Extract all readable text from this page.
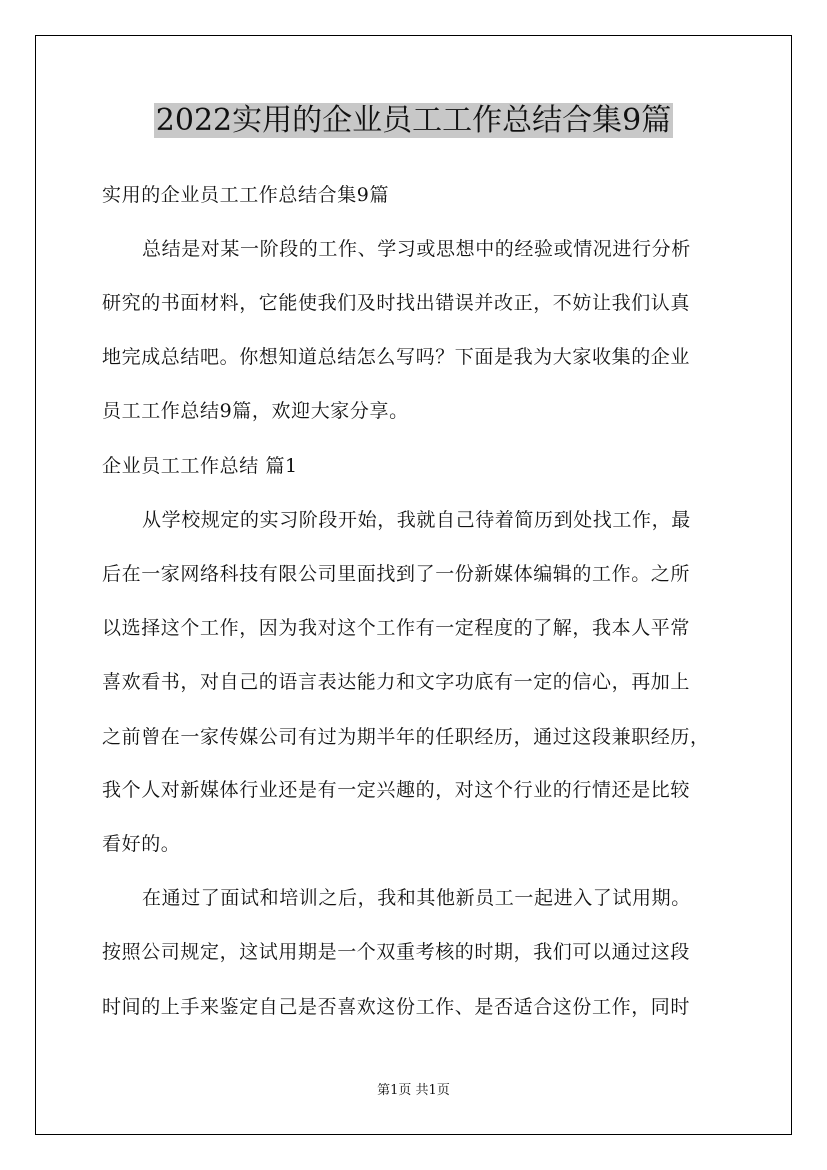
2022实用的企业员工工作总结合集9篇
实用的企业员工工作总结合集9篇
总结是对某一阶段的工作、学习或思想中的经验或情况进行分析
研究的书面材料，它能使我们及时找出错误并改正，不妨让我们认真
地完成总结吧。你想知道总结怎么写吗？下面是我为大家收集的企业
员工工作总结9篇，欢迎大家分享。
企业员工工作总结 篇1
从学校规定的实习阶段开始，我就自己待着简历到处找工作，最
后在一家网络科技有限公司里面找到了一份新媒体编辑的工作。之所
以选择这个工作，因为我对这个工作有一定程度的了解，我本人平常
喜欢看书，对自己的语言表达能力和文字功底有一定的信心，再加上
之前曾在一家传媒公司有过为期半年的任职经历，通过这段兼职经历，
我个人对新媒体行业还是有一定兴趣的，对这个行业的行情还是比较
看好的。
在通过了面试和培训之后，我和其他新员工一起进入了试用期。
按照公司规定，这试用期是一个双重考核的时期，我们可以通过这段
时间的上手来鉴定自己是否喜欢这份工作、是否适合这份工作，同时
第1页 共1页
